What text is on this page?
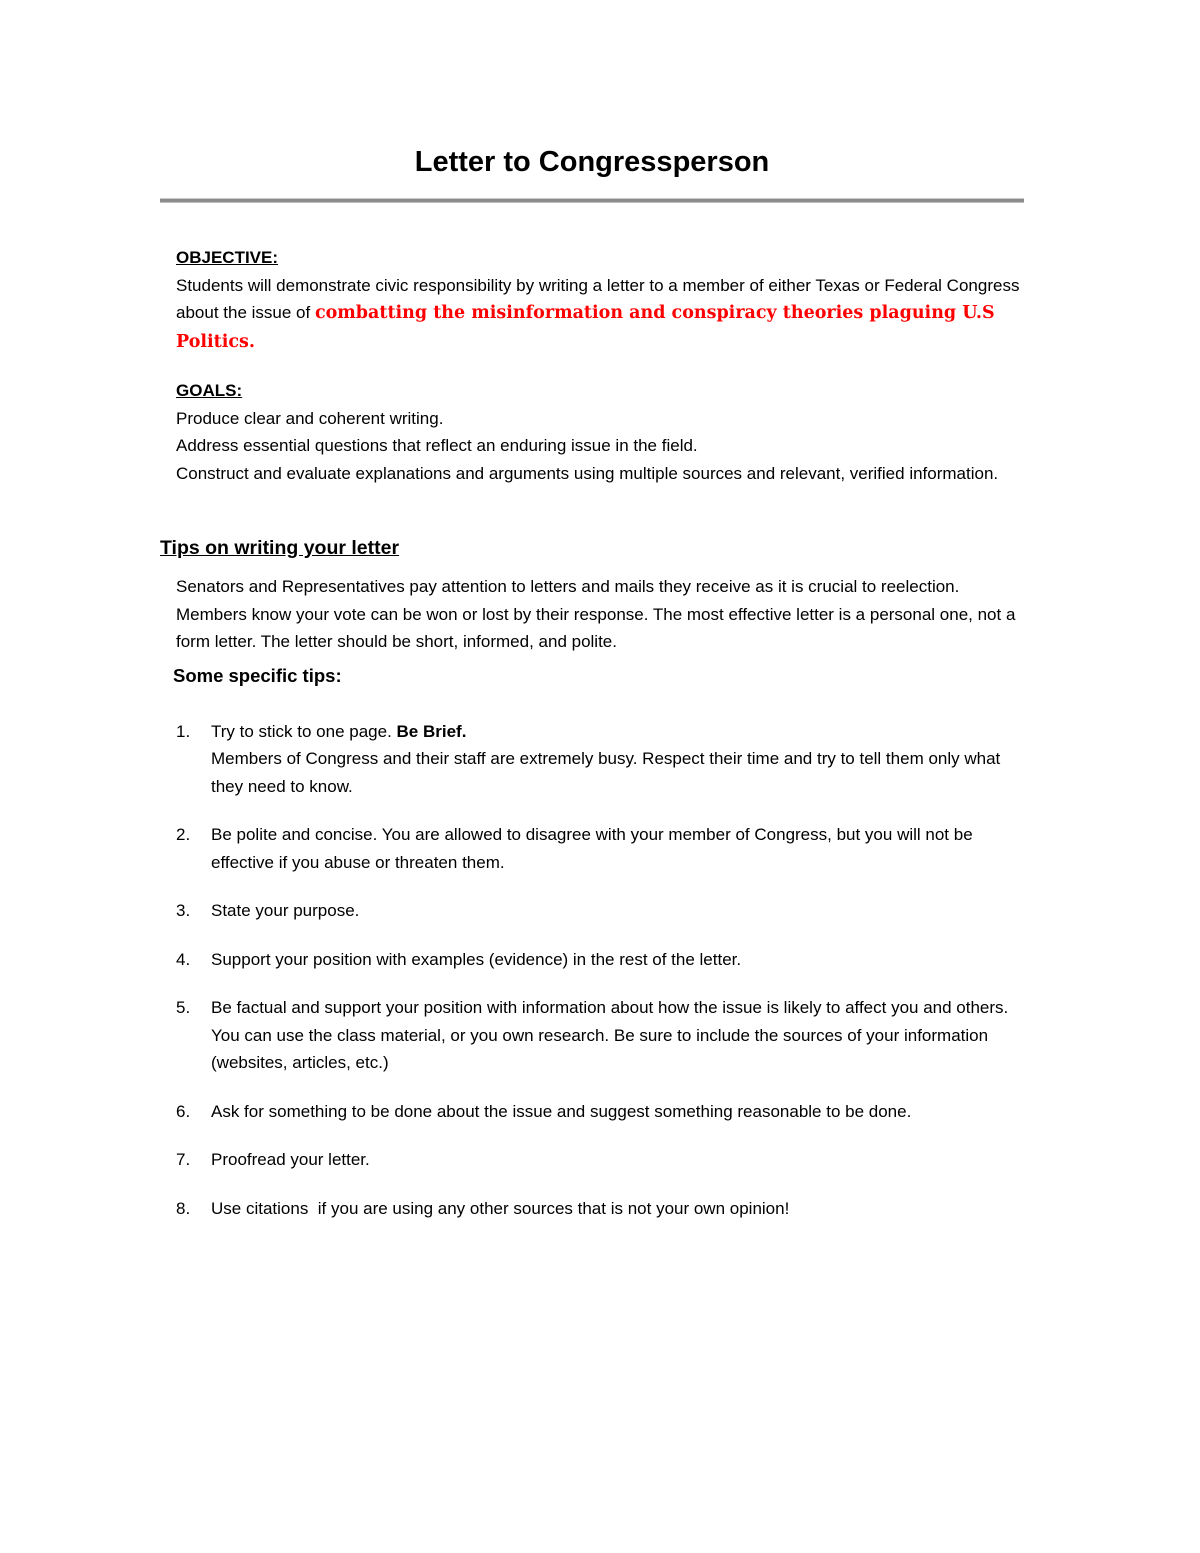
Letter to Congressperson
OBJECTIVE:
Students will demonstrate civic responsibility by writing a letter to a member of either Texas or Federal Congress about the issue of combatting the misinformation and conspiracy theories plaguing U.S  Politics.
GOALS:
Produce clear and coherent writing.
Address essential questions that reflect an enduring issue in the field.
Construct and evaluate explanations and arguments using multiple sources and relevant, verified information.
Tips on writing your letter
Senators and Representatives pay attention to letters and mails they receive as it is crucial to reelection. Members know your vote can be won or lost by their response. The most effective letter is a personal one, not a form letter. The letter should be short, informed, and polite.
Some specific tips:
1.	Try to stick to one page. Be Brief.
Members of Congress and their staff are extremely busy. Respect their time and try to tell them only what they need to know.
2.	Be polite and concise. You are allowed to disagree with your member of Congress, but you will not be effective if you abuse or threaten them.
3.	State your purpose.
4.	Support your position with examples (evidence) in the rest of the letter.
5.	Be factual and support your position with information about how the issue is likely to affect you and others. You can use the class material, or you own research. Be sure to include the sources of your information (websites, articles, etc.)
6.	Ask for something to be done about the issue and suggest something reasonable to be done.
7.	Proofread your letter.
8.	Use citations  if you are using any other sources that is not your own opinion!
